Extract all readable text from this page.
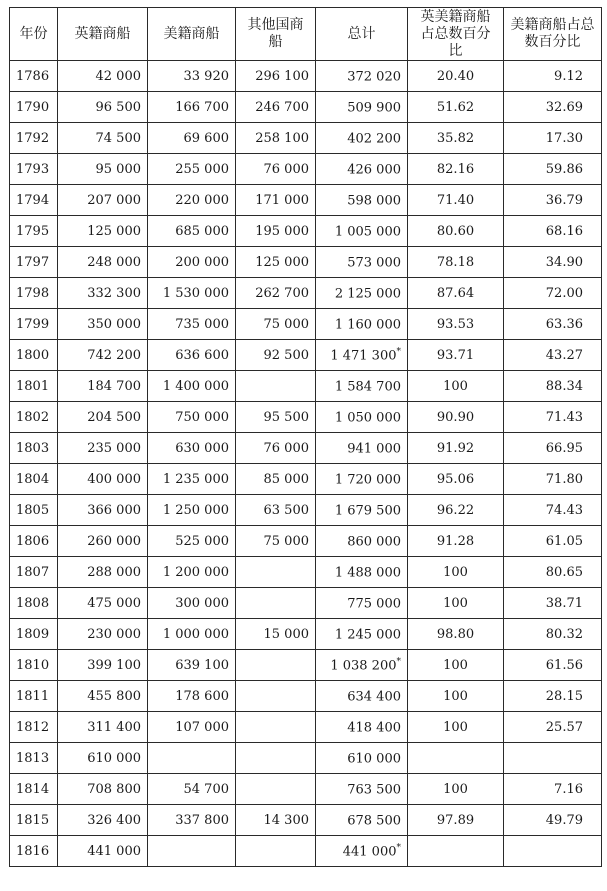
年份	英籍商船	美籍商船	其他国商船	总计	英美籍商船占总数百分比	美籍商船占总数百分比
1786	42 000	33 920	296 100	372 020	20.40	9.12
1790	96 500	166 700	246 700	509 900	51.62	32.69
1792	74 500	69 600	258 100	402 200	35.82	17.30
1793	95 000	255 000	76 000	426 000	82.16	59.86
1794	207 000	220 000	171 000	598 000	71.40	36.79
1795	125 000	685 000	195 000	1 005 000	80.60	68.16
1797	248 000	200 000	125 000	573 000	78.18	34.90
1798	332 300	1 530 000	262 700	2 125 000	87.64	72.00
1799	350 000	735 000	75 000	1 160 000	93.53	63.36
1800	742 200	636 600	92 500	1 471 300*	93.71	43.27
1801	184 700	1 400 000		1 584 700	100	88.34
1802	204 500	750 000	95 500	1 050 000	90.90	71.43
1803	235 000	630 000	76 000	941 000	91.92	66.95
1804	400 000	1 235 000	85 000	1 720 000	95.06	71.80
1805	366 000	1 250 000	63 500	1 679 500	96.22	74.43
1806	260 000	525 000	75 000	860 000	91.28	61.05
1807	288 000	1 200 000		1 488 000	100	80.65
1808	475 000	300 000		775 000	100	38.71
1809	230 000	1 000 000	15 000	1 245 000	98.80	80.32
1810	399 100	639 100		1 038 200*	100	61.56
1811	455 800	178 600		634 400	100	28.15
1812	311 400	107 000		418 400	100	25.57
1813	610 000			610 000		
1814	708 800	54 700		763 500	100	7.16
1815	326 400	337 800	14 300	678 500	97.89	49.79
1816	441 000			441 000*		
